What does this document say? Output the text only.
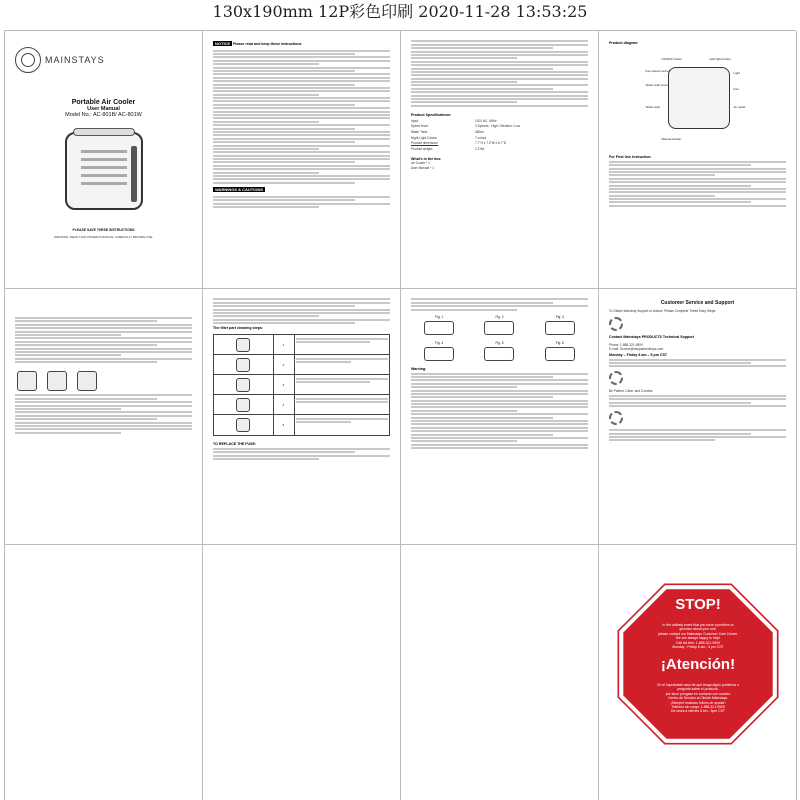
130x190mm 12P彩色印刷 2020-11-28 13:53:25
MAINSTAYS
Portable Air Cooler
User Manual
Model No.: AC-801B/ AC-801W
PLEASE SAVE THESE INSTRUCTIONS
WARNING: READ THIS OWNER'S MANUAL CAREFULLY BEFORE USE.
NOTICE Please read and keep these instructions
WARNINGS & CAUTIONS
Product Specifications:
Input:	110V AC, 60Hz
Speed level:	3 Speeds - High / Medium / Low
Water Tank:	450ml
Night Light Colors:	7 colors
Product dimension:	7.7"H x 7.2"W x 6.7"D
Product weight:	2.3 lbs
What's in the box
Air Cooler * 1
User Manual * 1
Product diagram
ON/OFF button	LED light button
Fan speed control	Light
Water tank cover
Fan
Water tank
Manual shutter
Air outlet
For First Use Instruction
The filter part cleaning steps:
1
2
3
4
5
TO REPLACE THE FUSE:
Fig. 1	Fig. 2	Fig. 3
Fig. 4	Fig. 5	Fig. 6
Warning:
Customer Service and Support
To Obtain Warranty Support or Advice, Please Complete These Easy Steps:
Contact Mainstays PRODUCTS Technical Support
Phone: 1-888-321-9509
E-mail: Service@dsnpartnerships.com
Monday – Friday 8 am – 5 pm CST
Be Patient, Clear, and Concise.
STOP!
In the unlikely event that you have a problem or
question about your unit,
please contact our Mainstays Customer Care Center.
We are always happy to help!
Call toll free: 1-888-321-9509
Monday - Friday 8 am - 5 pm CST
¡Atención!
En el improbable caso de que tenga algún problema o
pregunta sobre el producto,
por favor póngase en contacto con nuestro
Centro de Servicio al Cliente Mainstays.
¡Siempre estamos felices de ayudar!
Teléfono sin cargo: 1-888-321-9509
De lunes a viernes 8 am - 5pm CST
